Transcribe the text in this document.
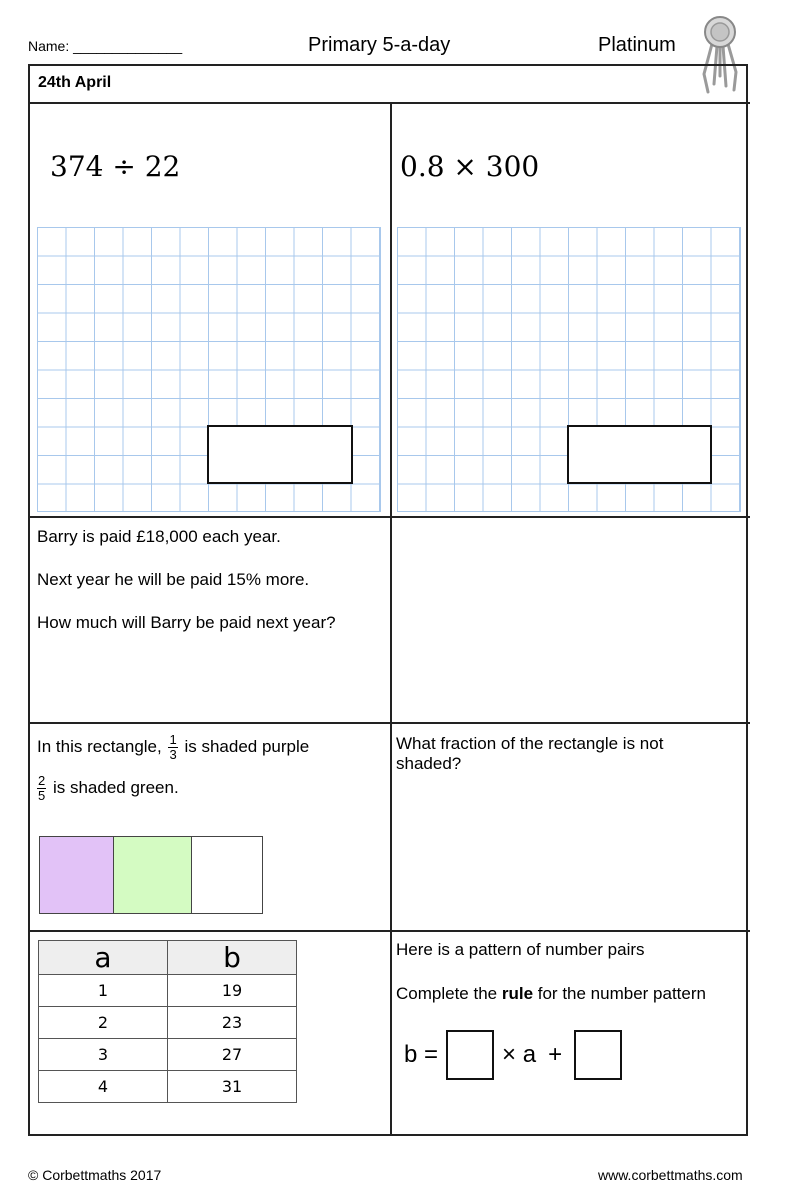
Name: ______________	Primary 5-a-day	Platinum
24th April
374 ÷ 22	0.8 × 300
Barry is paid £18,000 each year.
Next year he will be paid 15% more.
How much will Barry be paid next year?
In this rectangle, $\frac{1}{3}$ is shaded purple
$\frac{2}{5}$ is shaded green.
What fraction of the rectangle is not shaded?
a	b
1	19
2	23
3	27
4	31
Here is a pattern of number pairs
Complete the rule for the number pattern
b =	× a +
© Corbettmaths 2017	www.corbettmaths.com
